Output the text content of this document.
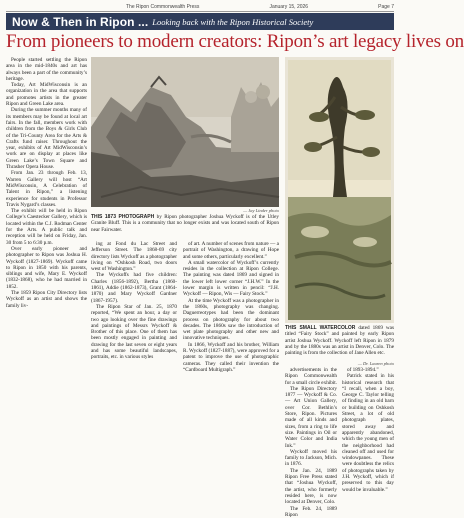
January 15, 2026
The Ripon Commonwealth Press	Page 7
Now & Then in Ripon ... Looking back with the Ripon Historical Society
From pioneers to modern creators: Ripon’s art legacy lives on

People started settling the Ripon area in the mid-1840s and art has always been a part of the community’s heritage.

Today, Art MidWisconsin is an organization in the area that supports and promotes artists in the greater Ripon and Green Lake area.

During the summer months many of its members may be found at local art fairs. In the fall, members work with children from the Boys & Girls Club of the Tri-County Area for the Arts & Crafts fund raiser. Throughout the year, exhibits of Art MidWisconsin’s work are on display at places like Green Lake’s Town Square and Thrasher Opera House.

From Jan. 23 through Feb. 13, Warren Gallery will host “Art MidWisconsin, A Celebration of Talent in Ripon,” a listening experience for students in Professor Travis Nygard’s classes.

The exhibit will be held in Ripon College’s Caestecker Gallery, which is located within the C.J. Rodman Center for the Arts. A public talk and reception will be held on Friday, Jan. 30 from 5 to 6:30 p.m.

Over early pioneer and photographer to Ripon was Joshua H. Wyckoff (1827-1869). Wyckoff came to Ripon in 1850 with his parents, siblings and wife, Mary E. Wyckoff (1832-1868), who he had married in 1852.

The 1859 Ripon City Directory lists Wyckoff as an artist and shows the family liv-

— Jay Linder photo
THIS 1873 PHOTOGRAPH by Ripon photographer Joshua Wyckoff is of the Utley Granite Bluff. This is a community that no longer exists and was located south of Ripon near Fairwater.

ing at Fond du Lac Street and Jefferson Street. The 1868-69 city directory lists Wyckoff as a photographer living on “Oshkosh Road, two doors west of Washington.”

The Wyckoffs had five children: Charles (1856-1892), Bertha (1860-1861), Addie (1862-1873), Grant (1864-1870) and Mary Wyckoff Gardner (1867-1957).

The Ripon Star of Jan. 25, 1870 reported, “We spent an hour, a day or two ago looking over the fine drawings and paintings of Messrs Wyckoff & Brother of this place. One of them has been mostly engaged in painting and drawing for the last seven or eight years and has some beautiful landscapes, portraits, etc. in various styles

of art. A number of scenes from nature — a portrait of Washington, a drawing of Hope and some others, particularly excellent.”

A small watercolor of Wyckoff’s currently resides in the collection at Ripon College. The painting was dated 1869 and signed in the lower left lower corner “J.H.W.” In the lower margin is written in pencil: “J.H. Wyckoff — Ripon, Wis — Fairy Stock.”

At the time Wyckoff was a photographer in the 1860s, photography was changing. Daguerreotypes had been the dominant process on photography for about two decades. The 1860s saw the introduction of wet plate photography and other new and innovative techniques.

In 1866, Wyckoff and his brother, William R. Wyckoff (1827-1887), were approved for a patent to improve the use of photographic cameras. They called their invention the “Cardboard Multigraph.”

THIS SMALL WATERCOLOR dated 1869 was titled “Fairy Stock” and painted by early Ripon artist Joshua Wyckoff. Wyckoff left Ripon in 1879 and by the 1880s was an artist in Denver, Colo. The painting is from the collection of Jane Allen etc.
— Dr. Lauren photo

advertisements in the Ripon Commonwealth for a small circle exhibit.

The Ripon Directory 1877 — Wyckoff & Co. — Art Union Gallery, over Cor. Bethlin’s Store, Ripon. Pictures made of all kinds and sizes, from a ring to life size. Paintings in Oil or Water Color and India Ink.”

Wyckoff moved his family to Jackson, Mich. in 1876.

The Jan. 24, 1889 Ripon Free Press stated that “Joshua Wyckoff, the artist, who formerly resided here, is now located at Denver, Colo.

The Feb. 24, 1889 Ripon

of 1893-1894.”

Patrick stated in his historical research that “I recall, when a boy, George C. Taylor telling of finding in an old barn or building on Oshkosh Street, a lot of old photograph plates, stored away and apparently abandoned, which the young men of the neighborhood had cleaned off and used for windowpanes. These were doubtless the relics of photographs taken by J.H. Wyckoff, which if preserved to this day would be invaluable.”
